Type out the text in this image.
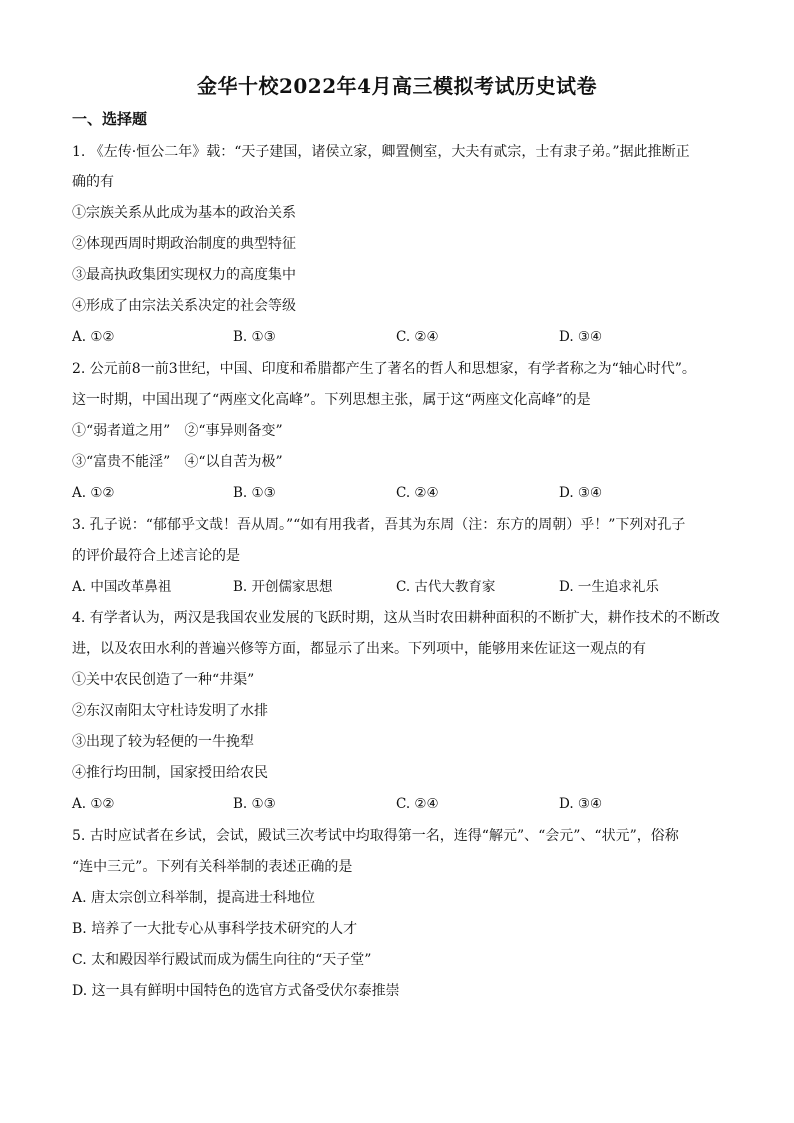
金华十校2022年4月高三模拟考试历史试卷
一、选择题
1. 《左传·恒公二年》载：“天子建国，诸侯立家，卿置侧室，大夫有贰宗，士有隶子弟。”据此推断正
确的有
①宗族关系从此成为基本的政治关系
②体现西周时期政治制度的典型特征
③最高执政集团实现权力的高度集中
④形成了由宗法关系决定的社会等级
A. ①②	B. ①③	C. ②④	D. ③④
2. 公元前8一前3世纪，中国、印度和希腊都产生了著名的哲人和思想家，有学者称之为“轴心时代”。
这一时期，中国出现了“两座文化高峰”。下列思想主张，属于这“两座文化高峰”的是
①“弱者道之用”　②“事异则备变”
③“富贵不能淫”　④“以自苦为极”
A. ①②	B. ①③	C. ②④	D. ③④
3. 孔子说：“郁郁乎文哉！吾从周。”“如有用我者，吾其为东周（注：东方的周朝）乎！”下列对孔子
的评价最符合上述言论的是
A. 中国改革鼻祖	B. 开创儒家思想	C. 古代大教育家	D. 一生追求礼乐
4. 有学者认为，两汉是我国农业发展的飞跃时期，这从当时农田耕种面积的不断扩大，耕作技术的不断改
进，以及农田水利的普遍兴修等方面，都显示了出来。下列项中，能够用来佐证这一观点的有
①关中农民创造了一种“井渠”
②东汉南阳太守杜诗发明了水排
③出现了较为轻便的一牛挽犁
④推行均田制，国家授田给农民
A. ①②	B. ①③	C. ②④	D. ③④
5. 古时应试者在乡试，会试，殿试三次考试中均取得第一名，连得“解元”、“会元”、“状元”，俗称
“连中三元”。下列有关科举制的表述正确的是
A. 唐太宗创立科举制，提高进士科地位
B. 培养了一大批专心从事科学技术研究的人才
C. 太和殿因举行殿试而成为儒生向往的“天子堂”
D. 这一具有鲜明中国特色的选官方式备受伏尔泰推崇
